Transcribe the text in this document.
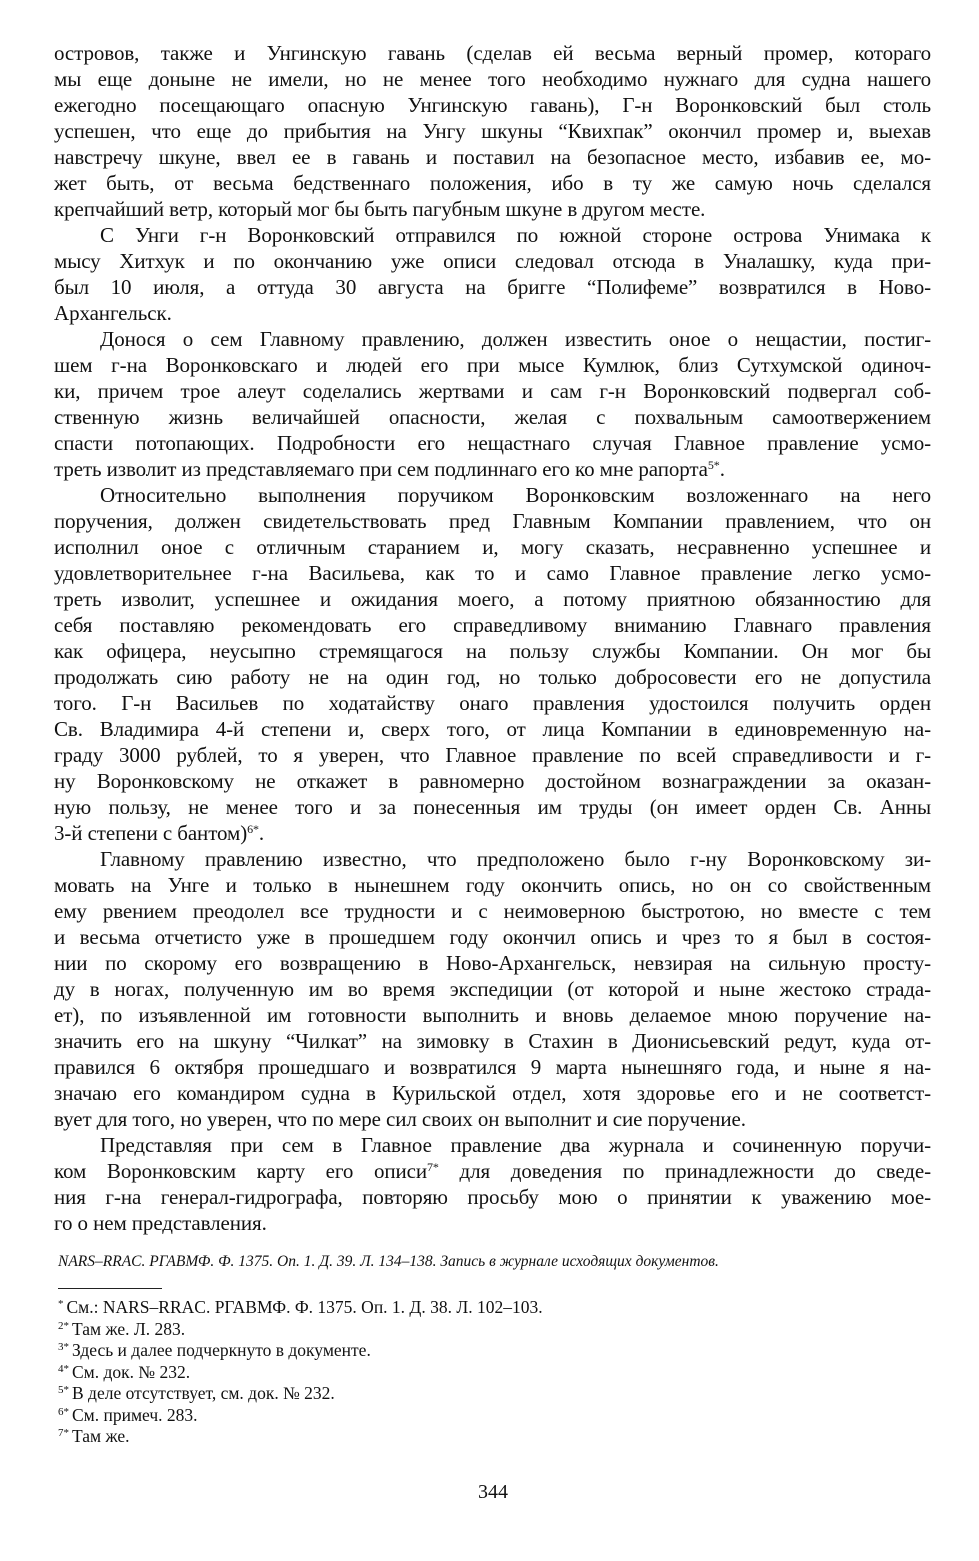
островов, также и Унгинскую гавань (сделав ей весьма верный промер, котораго
мы еще доныне не имели, но не менее того необходимо нужнаго для судна нашего
ежегодно посещающаго опасную Унгинскую гавань), Г-н Воронковский был столь
успешен, что еще до прибытия на Унгу шкуны “Квихпак” окончил промер и, выехав
навстречу шкуне, ввел ее в гавань и поставил на безопасное место, избавив ее, мо-
жет быть, от весьма бедственнаго положения, ибо в ту же самую ночь сделался
крепчайший ветр, который мог бы быть пагубным шкуне в другом месте.
С Унги г-н Воронковский отправился по южной стороне острова Унимака к
мысу Хитхук и по окончанию уже описи следовал отсюда в Уналашку, куда при-
был 10 июля, а оттуда 30 августа на бригге “Полифеме” возвратился в Ново-
Архангельск.
Донося о сем Главному правлению, должен известить оное о нещастии, постиг-
шем г-на Воронковскаго и людей его при мысе Кумлюк, близ Сутхумской одиноч-
ки, причем трое алеут соделались жертвами и сам г-н Воронковский подвергал соб-
ственную жизнь величайшей опасности, желая с похвальным самоотвержением
спасти потопающих. Подробности его нещастнаго случая Главное правление усмо-
треть изволит из представляемаго при сем подлиннаго его ко мне рапорта$^{5*}$.
Относительно выполнения поручиком Воронковским возложеннаго на него
поручения, должен свидетельствовать пред Главным Компании правлением, что он
исполнил оное с отличным старанием и, могу сказать, несравненно успешнее и
удовлетворительнее г-на Васильева, как то и само Главное правление легко усмо-
треть изволит, успешнее и ожидания моего, а потому приятною обязанностию для
себя поставляю рекомендовать его справедливому вниманию Главнаго правления
как офицера, неусыпно стремящагося на пользу службы Компании. Он мог бы
продолжать сию работу не на один год, но только добросовести его не допустила
того. Г-н Васильев по ходатайству онаго правления удостоился получить орден
Св. Владимира 4-й степени и, сверх того, от лица Компании в единовременную на-
граду 3000 рублей, то я уверен, что Главное правление по всей справедливости и г-
ну Воронковскому не откажет в равномерно достойном вознаграждении за оказан-
ную пользу, не менее того и за понесенныя им труды (он имеет орден Св. Анны
3-й степени с бантом)$^{6*}$.
Главному правлению известно, что предположено было г-ну Воронковскому зи-
мовать на Унге и только в нынешнем году окончить опись, но он со свойственным
ему рвением преодолел все трудности и с неимоверною быстротою, но вместе с тем
и весьма отчетисто уже в прошедшем году окончил опись и чрез то я был в состоя-
нии по скорому его возвращению в Ново-Архангельск, невзирая на сильную просту-
ду в ногах, полученную им во время экспедиции (от которой и ныне жестоко страда-
ет), по изъявленной им готовности выполнить и вновь делаемое мною поручение на-
значить его на шкуну “Чилкат” на зимовку в Стахин в Дионисьевский редут, куда от-
правился 6 октября прошедшаго и возвратился 9 марта нынешняго года, и ныне я на-
значаю его командиром судна в Курильской отдел, хотя здоровье его и не соответст-
вует для того, но уверен, что по мере сил своих он выполнит и сие поручение.
Представляя при сем в Главное правление два журнала и сочиненную поручи-
ком Воронковским карту его описи$^{7*}$ для доведения по принадлежности до сведе-
ния г-на генерал-гидрографа, повторяю просьбу мою о принятии к уважению мое-
го о нем представления.
NARS–RRAC. РГАВМФ. Ф. 1375. Оп. 1. Д. 39. Л. 134–138. Запись в журнале исходящих документов.
* См.: NARS–RRAC. РГАВМФ. Ф. 1375. Оп. 1. Д. 38. Л. 102–103.
$^{2*}$ Там же. Л. 283.
$^{3*}$ Здесь и далее подчеркнуто в документе.
$^{4*}$ См. док. № 232.
$^{5*}$ В деле отсутствует, см. док. № 232.
$^{6*}$ См. примеч. 283.
$^{7*}$ Там же.
344
